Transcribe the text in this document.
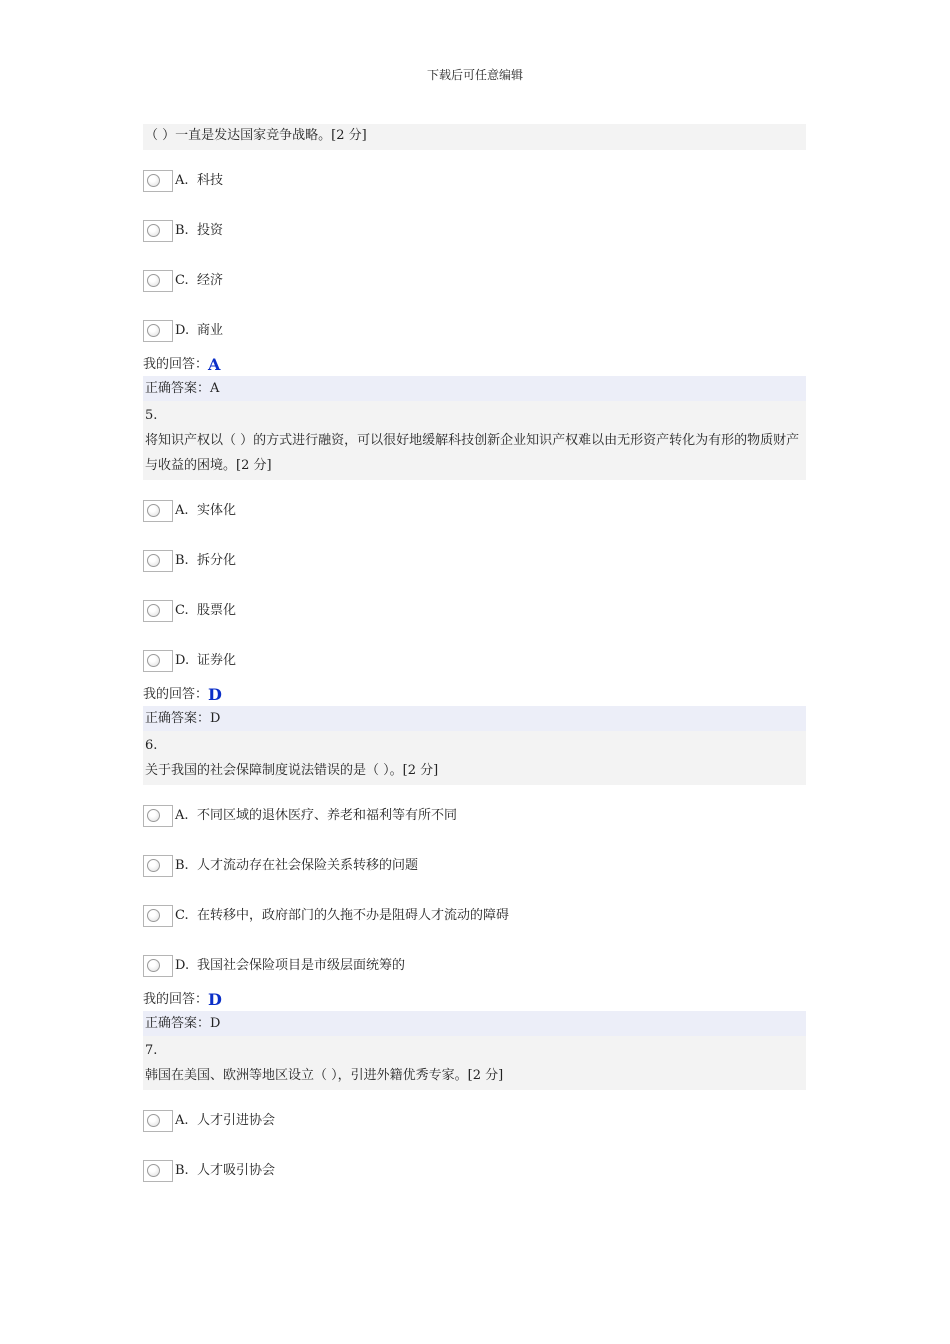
下载后可任意编辑
（ ）一直是发达国家竞争战略。[2 分]
A. 科技
B. 投资
C. 经济
D. 商业
我的回答：A
正确答案：A
5.
将知识产权以（ ）的方式进行融资，可以很好地缓解科技创新企业知识产权难以由无形资产转化为有形的物质财产与收益的困境。[2 分]
A. 实体化
B. 拆分化
C. 股票化
D. 证券化
我的回答：D
正确答案：D
6.
关于我国的社会保障制度说法错误的是（ ）。[2 分]
A. 不同区域的退休医疗、养老和福利等有所不同
B. 人才流动存在社会保险关系转移的问题
C. 在转移中，政府部门的久拖不办是阻碍人才流动的障碍
D. 我国社会保险项目是市级层面统筹的
我的回答：D
正确答案：D
7.
韩国在美国、欧洲等地区设立（ ），引进外籍优秀专家。[2 分]
A. 人才引进协会
B. 人才吸引协会
